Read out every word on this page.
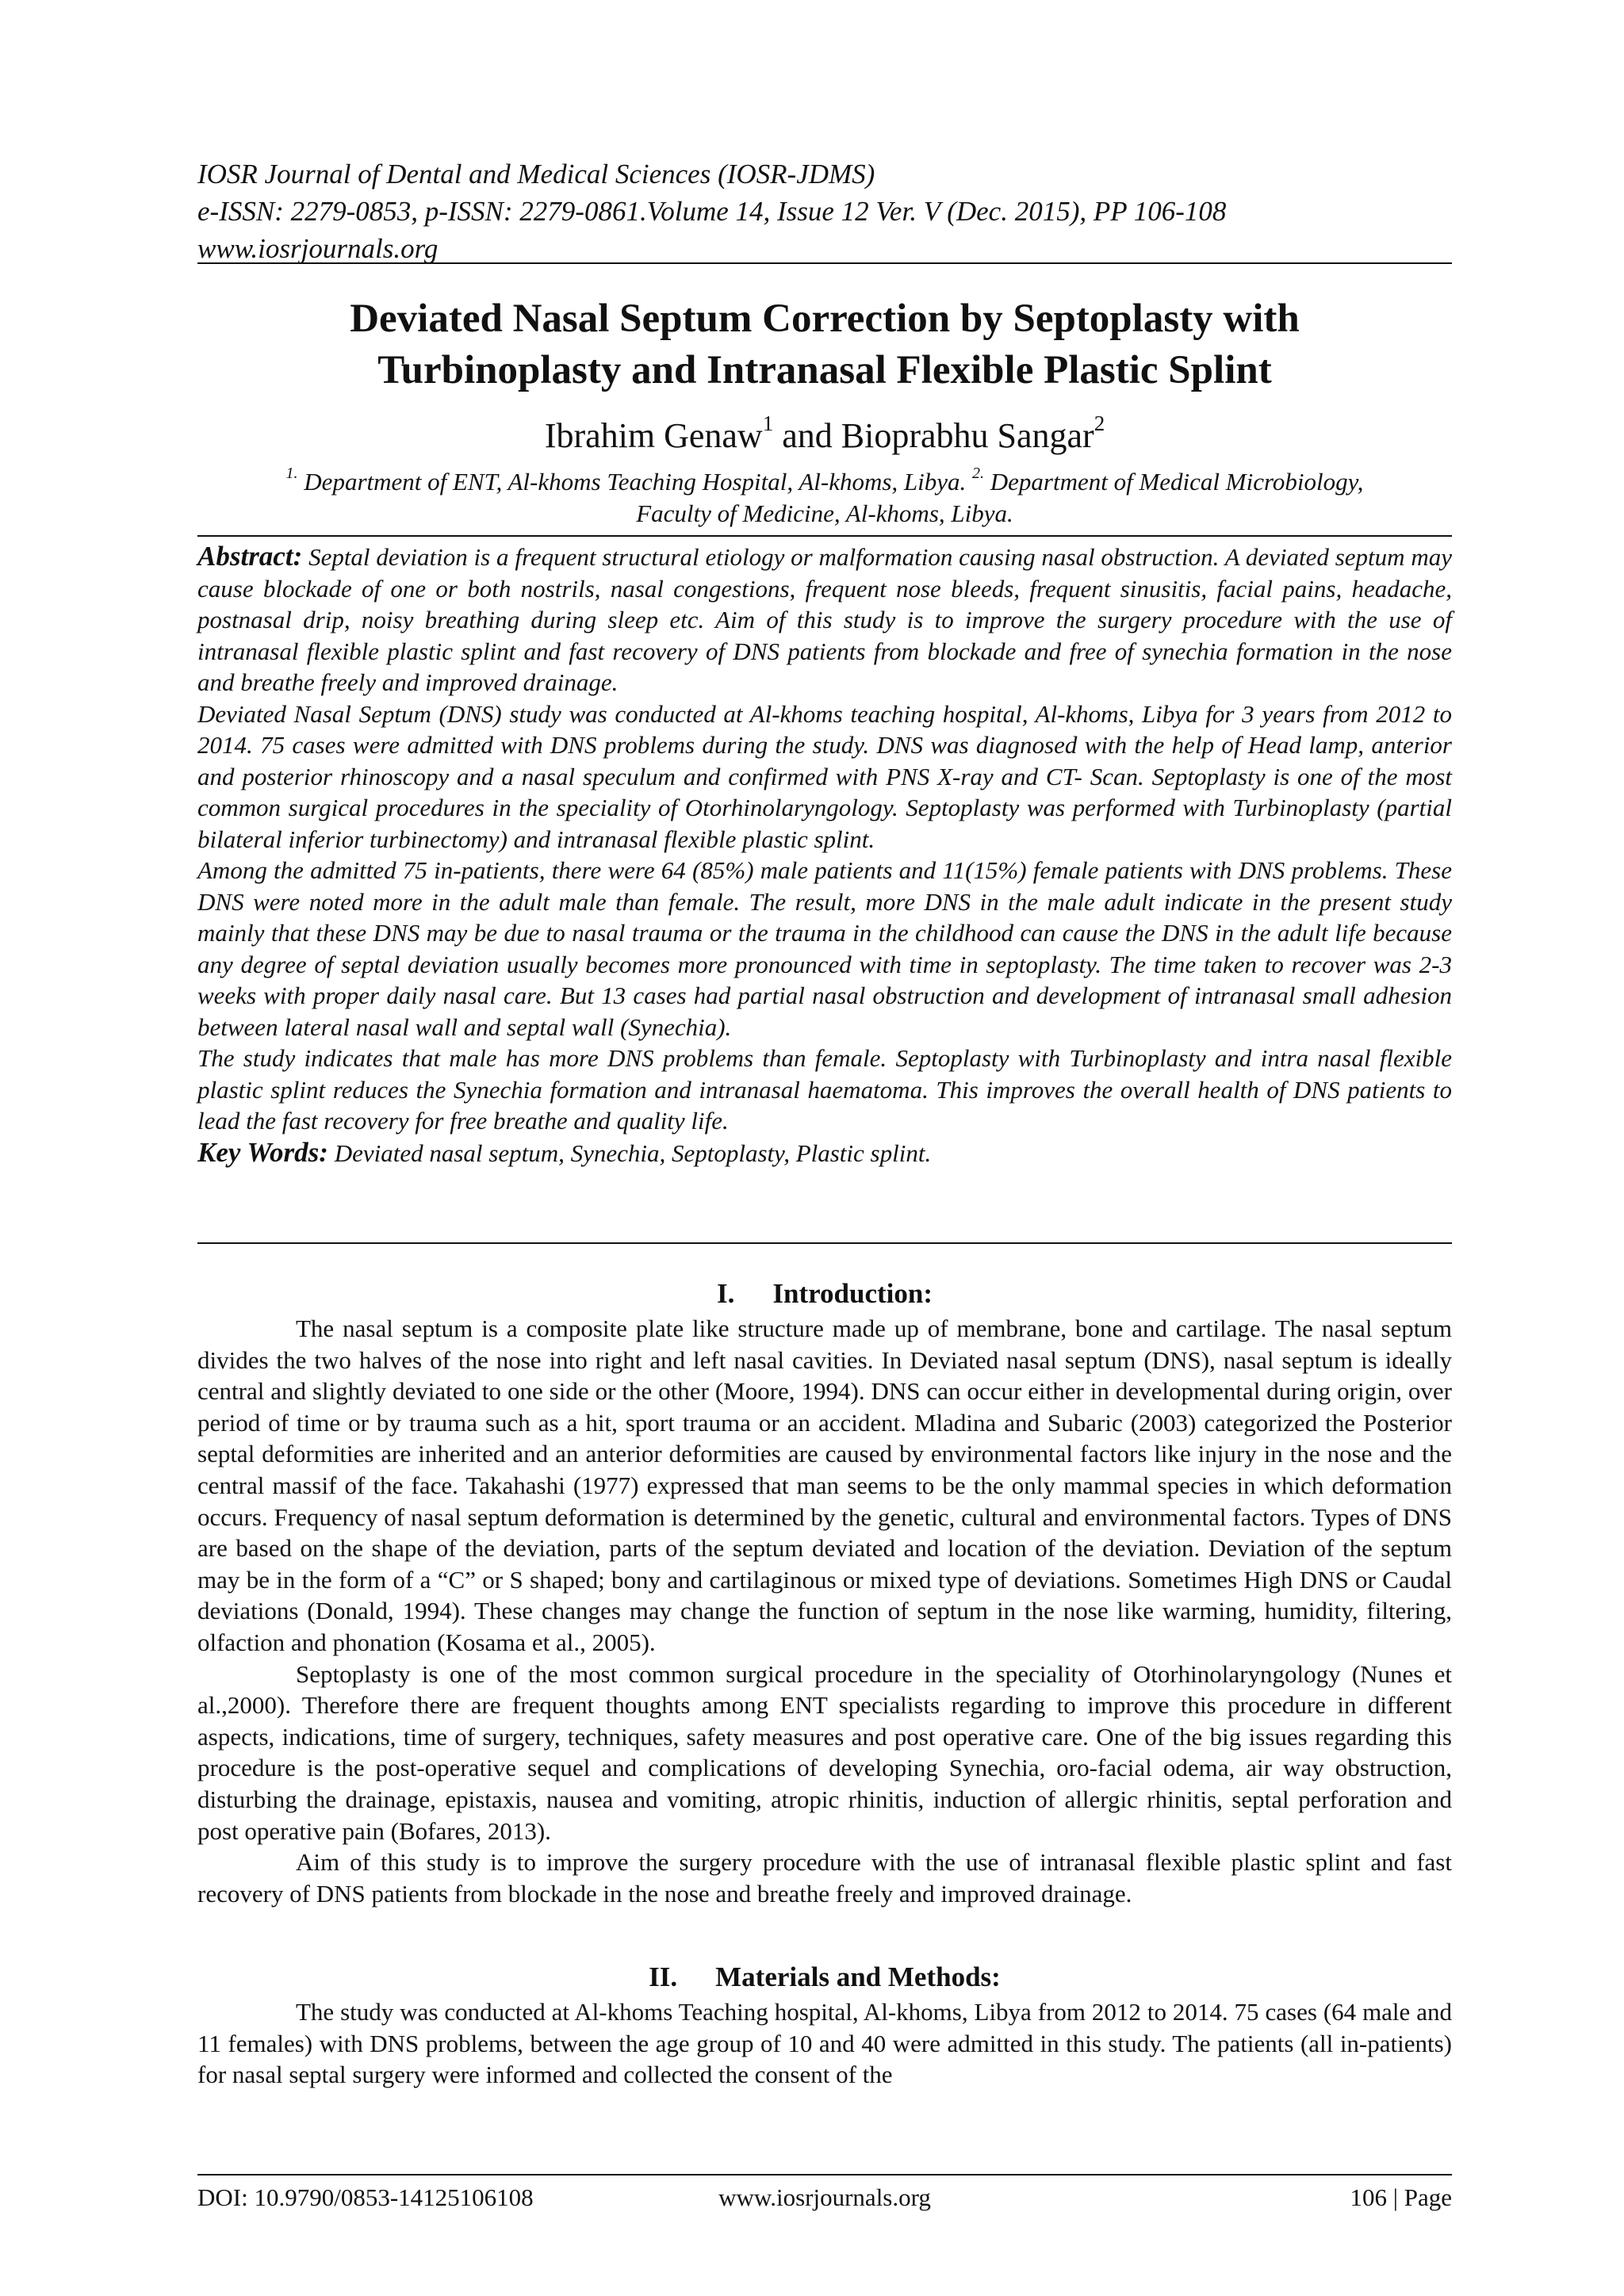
IOSR Journal of Dental and Medical Sciences (IOSR-JDMS)
e-ISSN: 2279-0853, p-ISSN: 2279-0861.Volume 14, Issue 12 Ver. V (Dec. 2015), PP 106-108
www.iosrjournals.org
Deviated Nasal Septum Correction by Septoplasty with
Turbinoplasty and Intranasal Flexible Plastic Splint
Ibrahim Genaw$^1$ and Bioprabhu Sangar$^2$
$^{1.}$ Department of ENT, Al-khoms Teaching Hospital, Al-khoms, Libya. $^{2.}$ Department of Medical Microbiology,
Faculty of Medicine, Al-khoms, Libya.

Abstract: Septal deviation is a frequent structural etiology or malformation causing nasal obstruction. A deviated septum may cause blockade of one or both nostrils, nasal congestions, frequent nose bleeds, frequent sinusitis, facial pains, headache, postnasal drip, noisy breathing during sleep etc. Aim of this study is to improve the surgery procedure with the use of intranasal flexible plastic splint and fast recovery of DNS patients from blockade and free of synechia formation in the nose and breathe freely and improved drainage.

Deviated Nasal Septum (DNS) study was conducted at Al-khoms teaching hospital, Al-khoms, Libya for 3 years from 2012 to 2014. 75 cases were admitted with DNS problems during the study. DNS was diagnosed with the help of Head lamp, anterior and posterior rhinoscopy and a nasal speculum and confirmed with PNS X-ray and CT- Scan. Septoplasty is one of the most common surgical procedures in the speciality of Otorhinolaryngology. Septoplasty was performed with Turbinoplasty (partial bilateral inferior turbinectomy) and intranasal flexible plastic splint.

Among the admitted 75 in-patients, there were 64 (85%) male patients and 11(15%) female patients with DNS problems. These DNS were noted more in the adult male than female. The result, more DNS in the male adult indicate in the present study mainly that these DNS may be due to nasal trauma or the trauma in the childhood can cause the DNS in the adult life because any degree of septal deviation usually becomes more pronounced with time in septoplasty. The time taken to recover was 2-3 weeks with proper daily nasal care. But 13 cases had partial nasal obstruction and development of intranasal small adhesion between lateral nasal wall and septal wall (Synechia).

The study indicates that male has more DNS problems than female. Septoplasty with Turbinoplasty and intra nasal flexible plastic splint reduces the Synechia formation and intranasal haematoma. This improves the overall health of DNS patients to lead the fast recovery for free breathe and quality life.

Key Words: Deviated nasal septum, Synechia, Septoplasty, Plastic splint.

I. Introduction:

The nasal septum is a composite plate like structure made up of membrane, bone and cartilage. The nasal septum divides the two halves of the nose into right and left nasal cavities. In Deviated nasal septum (DNS), nasal septum is ideally central and slightly deviated to one side or the other (Moore, 1994). DNS can occur either in developmental during origin, over period of time or by trauma such as a hit, sport trauma or an accident. Mladina and Subaric (2003) categorized the Posterior septal deformities are inherited and an anterior deformities are caused by environmental factors like injury in the nose and the central massif of the face. Takahashi (1977) expressed that man seems to be the only mammal species in which deformation occurs. Frequency of nasal septum deformation is determined by the genetic, cultural and environmental factors. Types of DNS are based on the shape of the deviation, parts of the septum deviated and location of the deviation. Deviation of the septum may be in the form of a “C” or S shaped; bony and cartilaginous or mixed type of deviations. Sometimes High DNS or Caudal deviations (Donald, 1994). These changes may change the function of septum in the nose like warming, humidity, filtering, olfaction and phonation (Kosama et al., 2005).

Septoplasty is one of the most common surgical procedure in the speciality of Otorhinolaryngology (Nunes et al.,2000). Therefore there are frequent thoughts among ENT specialists regarding to improve this procedure in different aspects, indications, time of surgery, techniques, safety measures and post operative care. One of the big issues regarding this procedure is the post-operative sequel and complications of developing Synechia, oro-facial odema, air way obstruction, disturbing the drainage, epistaxis, nausea and vomiting, atropic rhinitis, induction of allergic rhinitis, septal perforation and post operative pain (Bofares, 2013).

Aim of this study is to improve the surgery procedure with the use of intranasal flexible plastic splint and fast recovery of DNS patients from blockade in the nose and breathe freely and improved drainage.

II. Materials and Methods:

The study was conducted at Al-khoms Teaching hospital, Al-khoms, Libya from 2012 to 2014. 75 cases (64 male and 11 females) with DNS problems, between the age group of 10 and 40 were admitted in this study. The patients (all in-patients) for nasal septal surgery were informed and collected the consent of the

DOI: 10.9790/0853-14125106108	www.iosrjournals.org	106 | Page
